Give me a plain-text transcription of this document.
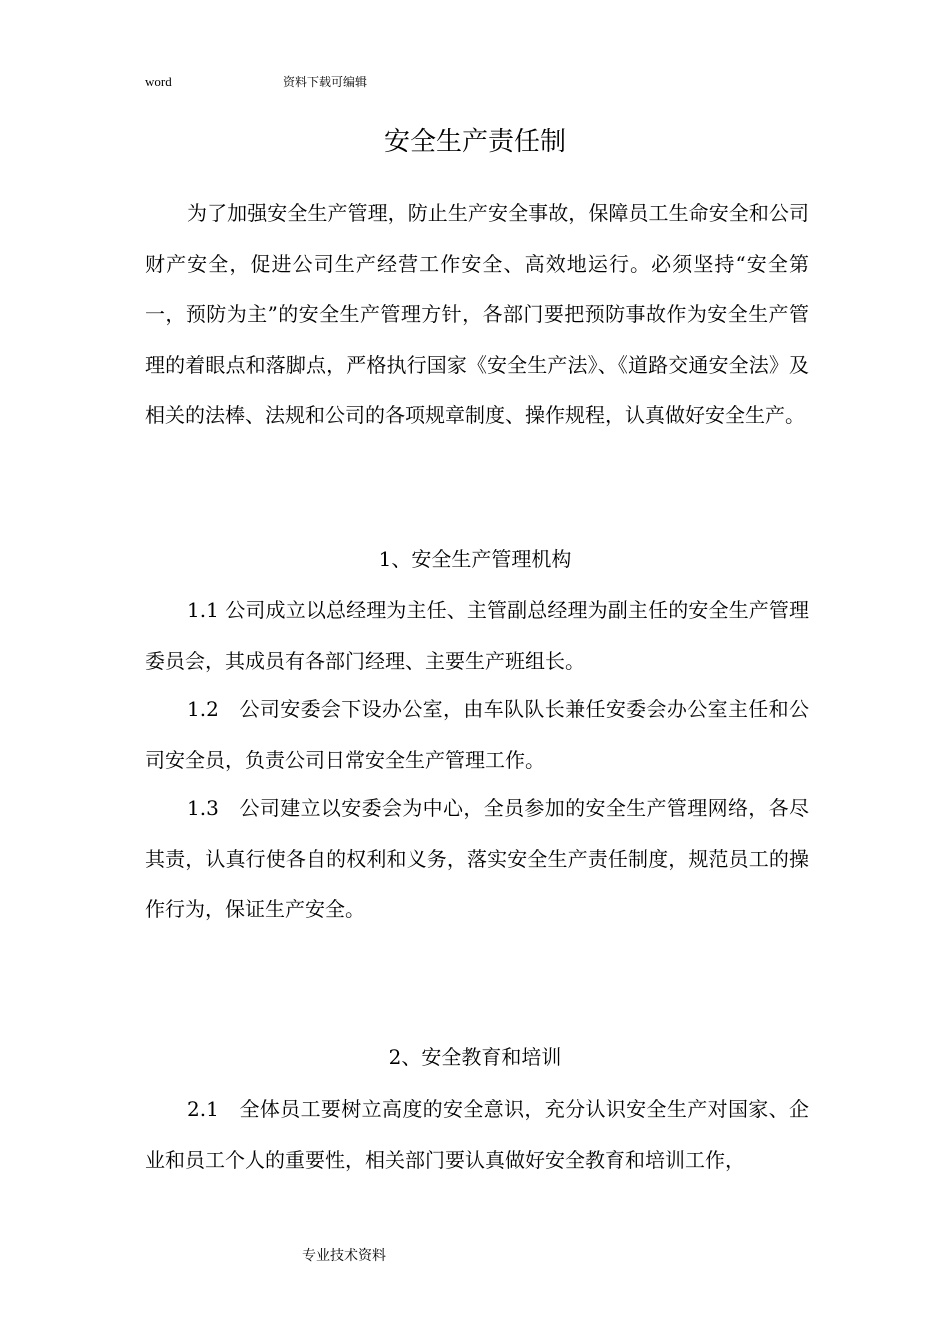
word	资料下载可编辑
安全生产责任制

为了加强安全生产管理，防止生产安全事故，保障员工生命安全和公司财产安全，促进公司生产经营工作安全、高效地运行。必须坚持“安全第一，预防为主”的安全生产管理方针，各部门要把预防事故作为安全生产管理的着眼点和落脚点，严格执行国家《安全生产法》、《道路交通安全法》及相关的法棒、法规和公司的各项规章制度、操作规程，认真做好安全生产。

1、安全生产管理机构

1.1 公司成立以总经理为主任、主管副总经理为副主任的安全生产管理委员会，其成员有各部门经理、主要生产班组长。

1.2　公司安委会下设办公室，由车队队长兼任安委会办公室主任和公司安全员，负责公司日常安全生产管理工作。

1.3　公司建立以安委会为中心，全员参加的安全生产管理网络，各尽其责，认真行使各自的权利和义务，落实安全生产责任制度，规范员工的操作行为，保证生产安全。

2、安全教育和培训

2.1　全体员工要树立高度的安全意识，充分认识安全生产对国家、企业和员工个人的重要性，相关部门要认真做好安全教育和培训工作，

专业技术资料
